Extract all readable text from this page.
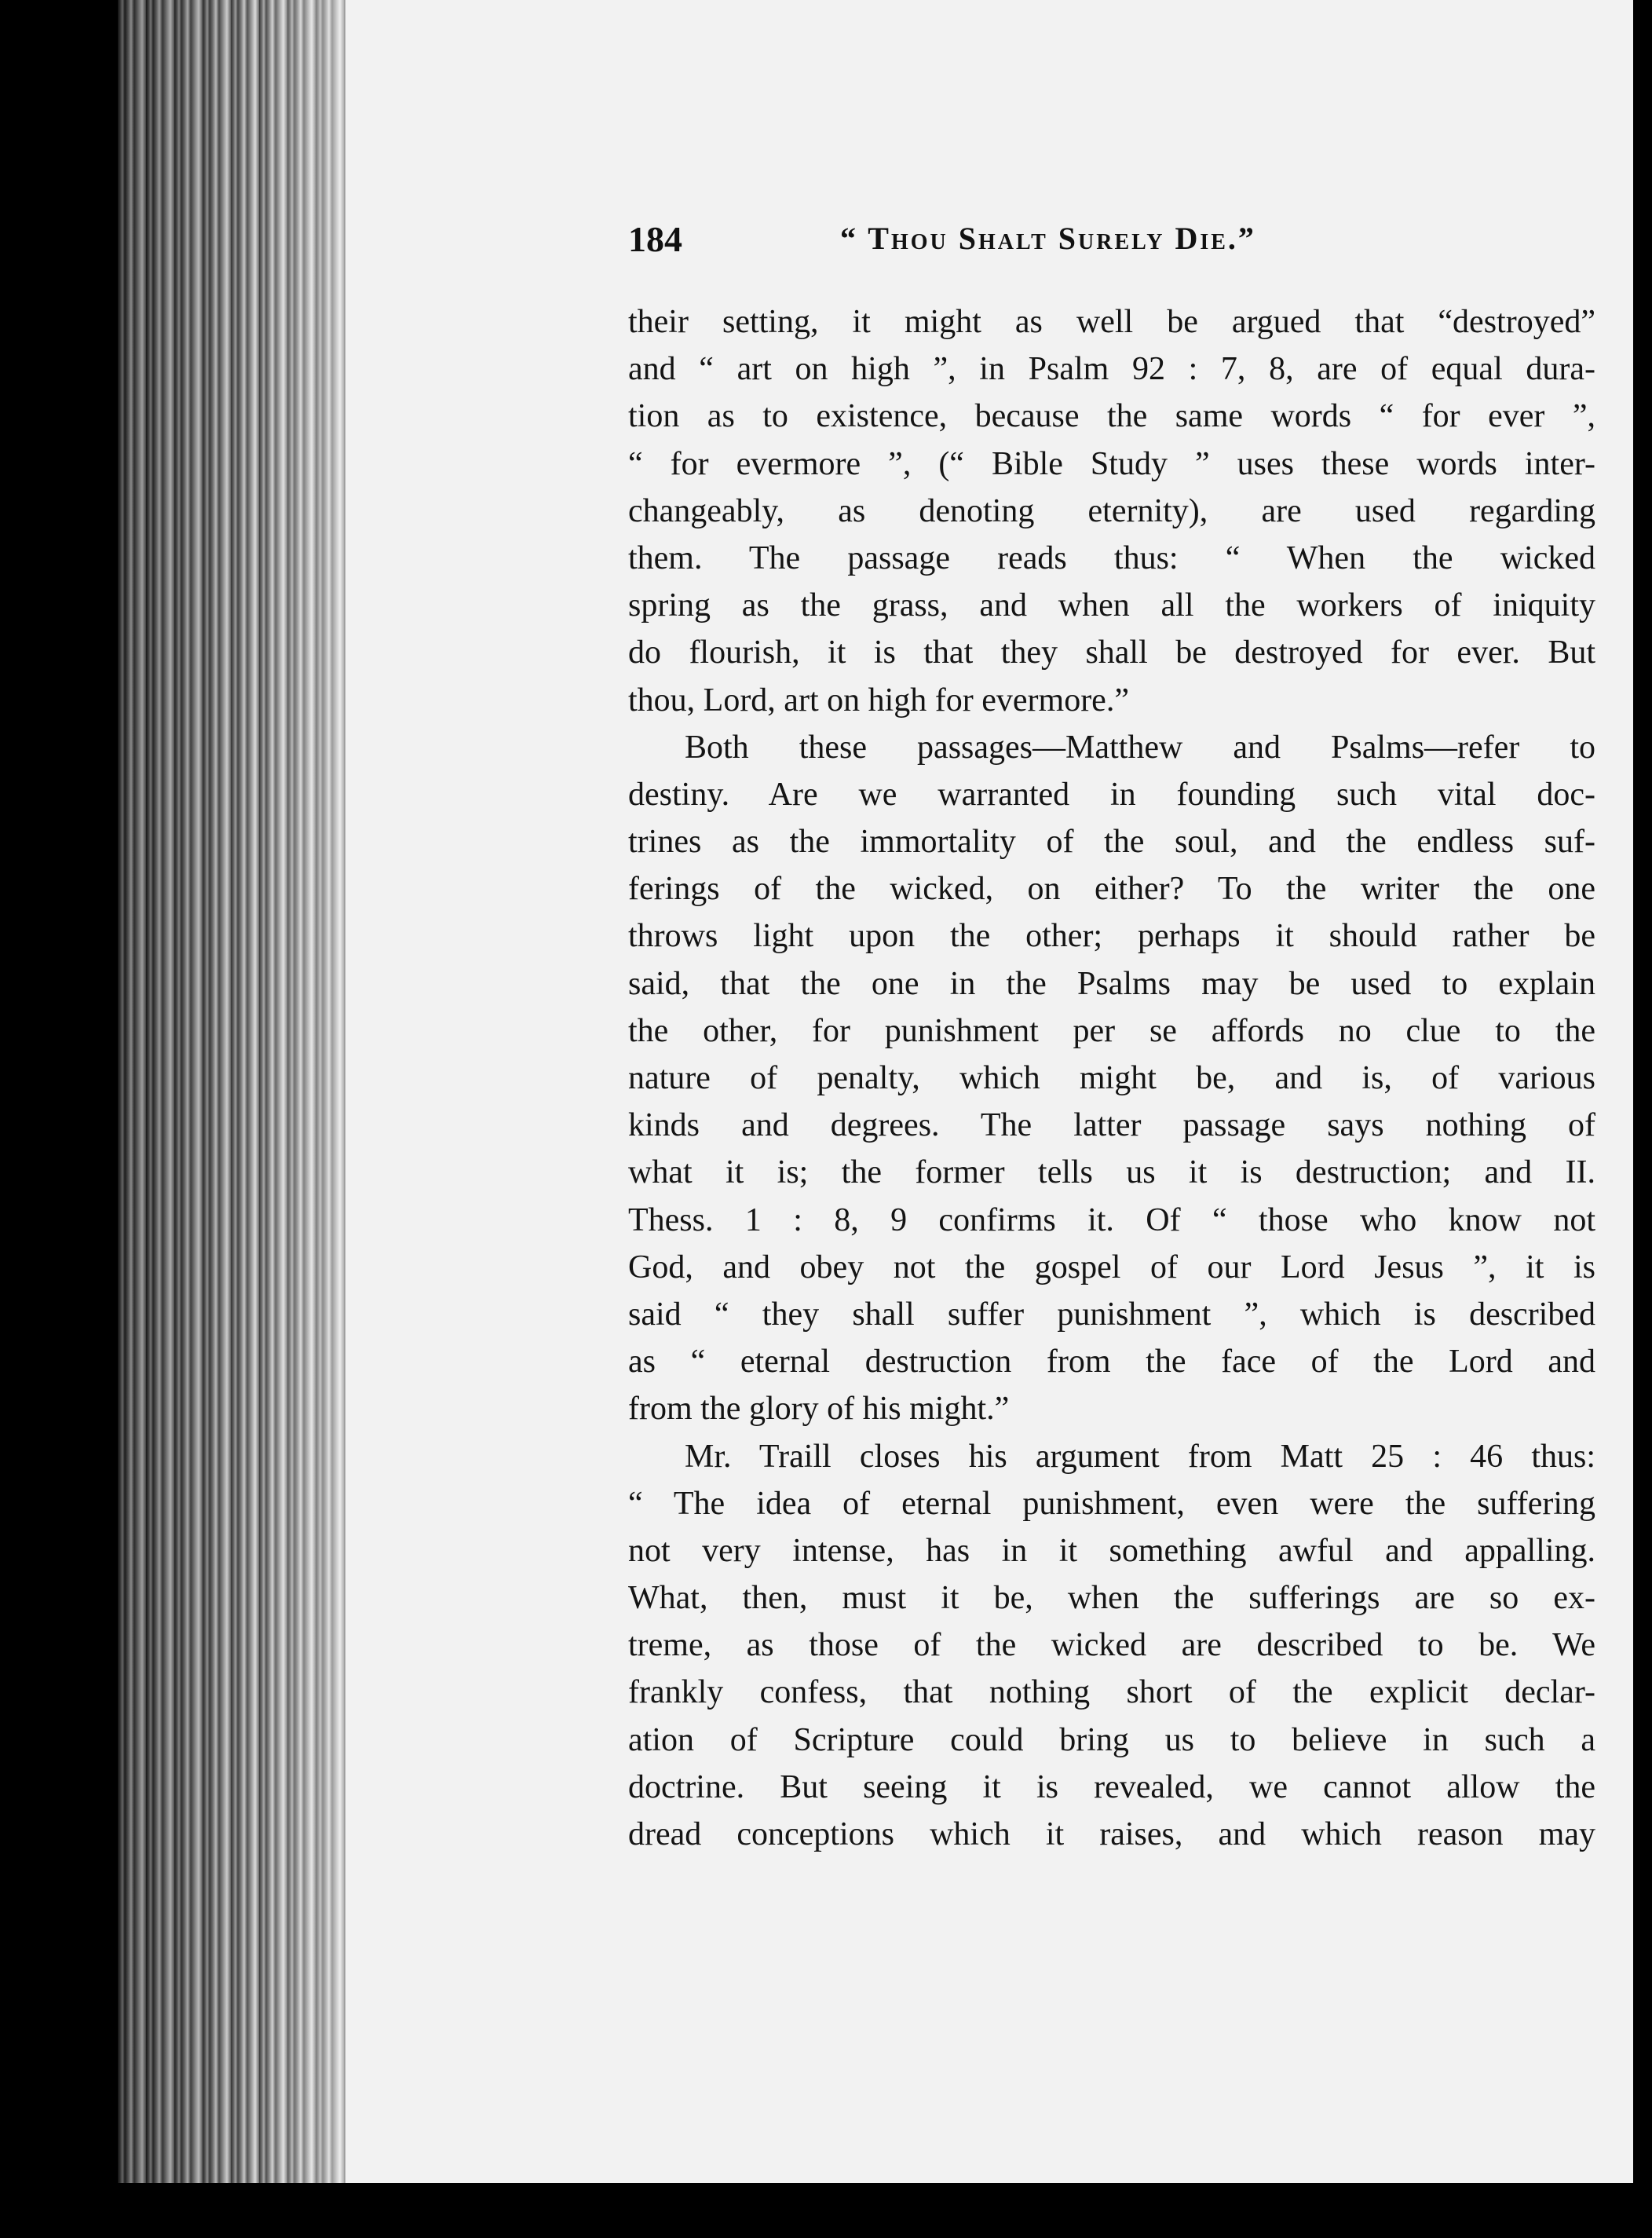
184	“ Thou Shalt Surely Die.”
their setting, it might as well be argued that “destroyed”
and “ art on high ”, in Psalm 92 : 7, 8, are of equal dura-
tion as to existence, because the same words “ for ever ”,
“ for evermore ”, (“ Bible Study ” uses these words inter-
changeably, as denoting eternity), are used regarding
them. The passage reads thus: “ When the wicked
spring as the grass, and when all the workers of iniquity
do flourish, it is that they shall be destroyed for ever. But
thou, Lord, art on high for evermore.”
Both these passages—Matthew and Psalms—refer to
destiny. Are we warranted in founding such vital doc-
trines as the immortality of the soul, and the endless suf-
ferings of the wicked, on either? To the writer the one
throws light upon the other; perhaps it should rather be
said, that the one in the Psalms may be used to explain
the other, for punishment per se affords no clue to the
nature of penalty, which might be, and is, of various
kinds and degrees. The latter passage says nothing of
what it is; the former tells us it is destruction; and II.
Thess. 1 : 8, 9 confirms it. Of “ those who know not
God, and obey not the gospel of our Lord Jesus ”, it is
said “ they shall suffer punishment ”, which is described
as “ eternal destruction from the face of the Lord and
from the glory of his might.”
Mr. Traill closes his argument from Matt 25 : 46 thus:
“ The idea of eternal punishment, even were the suffering
not very intense, has in it something awful and appalling.
What, then, must it be, when the sufferings are so ex-
treme, as those of the wicked are described to be. We
frankly confess, that nothing short of the explicit declar-
ation of Scripture could bring us to believe in such a
doctrine. But seeing it is revealed, we cannot allow the
dread conceptions which it raises, and which reason may
